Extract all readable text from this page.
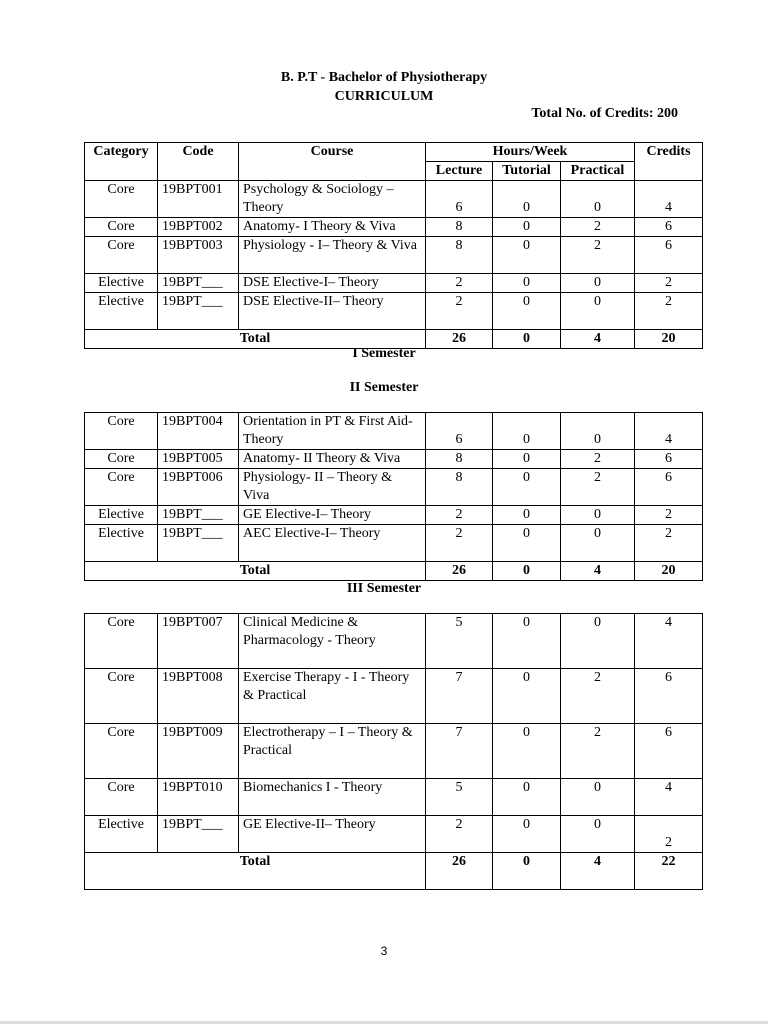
B. P.T - Bachelor of Physiotherapy
CURRICULUM
Total No. of Credits: 200
Category	Code	Course	Hours/Week			Credits
			Lecture	Tutorial	Practical	
Core	19BPT001	Psychology & Sociology – Theory	6	0	0	4
Core	19BPT002	Anatomy- I Theory & Viva	8	0	2	6
Core	19BPT003	Physiology - I– Theory & Viva	8	0	2	6
Elective	19BPT___	DSE Elective-I– Theory	2	0	0	2
Elective	19BPT___	DSE Elective-II– Theory	2	0	0	2
Total			26	0	4	20
I Semester
II Semester
Core	19BPT004	Orientation in PT & First Aid- Theory	6	0	0	4
Core	19BPT005	Anatomy- II Theory & Viva	8	0	2	6
Core	19BPT006	Physiology- II – Theory & Viva	8	0	2	6
Elective	19BPT___	GE Elective-I– Theory	2	0	0	2
Elective	19BPT___	AEC Elective-I– Theory	2	0	0	2
Total			26	0	4	20
III Semester
Core	19BPT007	Clinical Medicine & Pharmacology - Theory	5	0	0	4
Core	19BPT008	Exercise Therapy - I - Theory & Practical	7	0	2	6
Core	19BPT009	Electrotherapy – I – Theory & Practical	7	0	2	6
Core	19BPT010	Biomechanics I - Theory	5	0	0	4
Elective	19BPT___	GE Elective-II– Theory	2	0	0	2
Total			26	0	4	22
3
